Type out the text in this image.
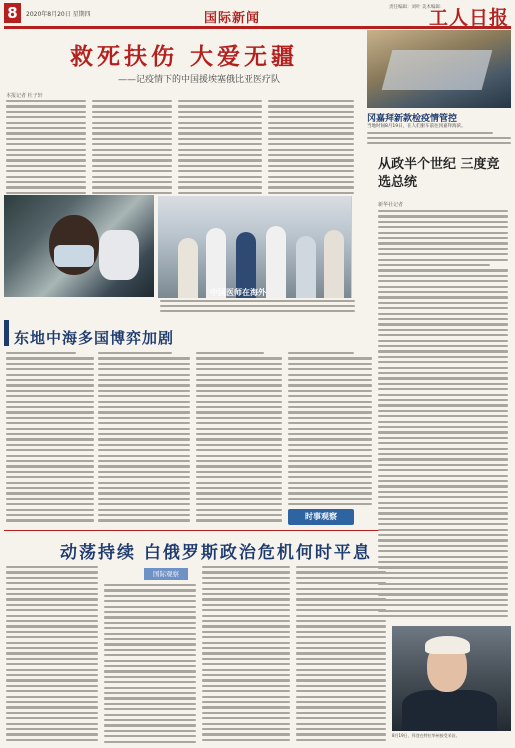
8	2020年8月20日 星期四	国际新闻
责任编辑：刘叶 美术编辑：
工人日报
救死扶伤 大爱无疆
——记疫情下的中国援埃塞俄比亚医疗队
本报记者 杜子轩
中国医师在海外
东地中海多国博弈加剧
时事观察
冈嘉拜新款检疫情管控
当地时间8月19日，在人们驱车前往冈嘉拜海滨。
从政半个世纪 三度竞选总统
新华社记者
8月19日，拜登在特拉华州接受采访。
动荡持续 白俄罗斯政治危机何时平息
国际观察
